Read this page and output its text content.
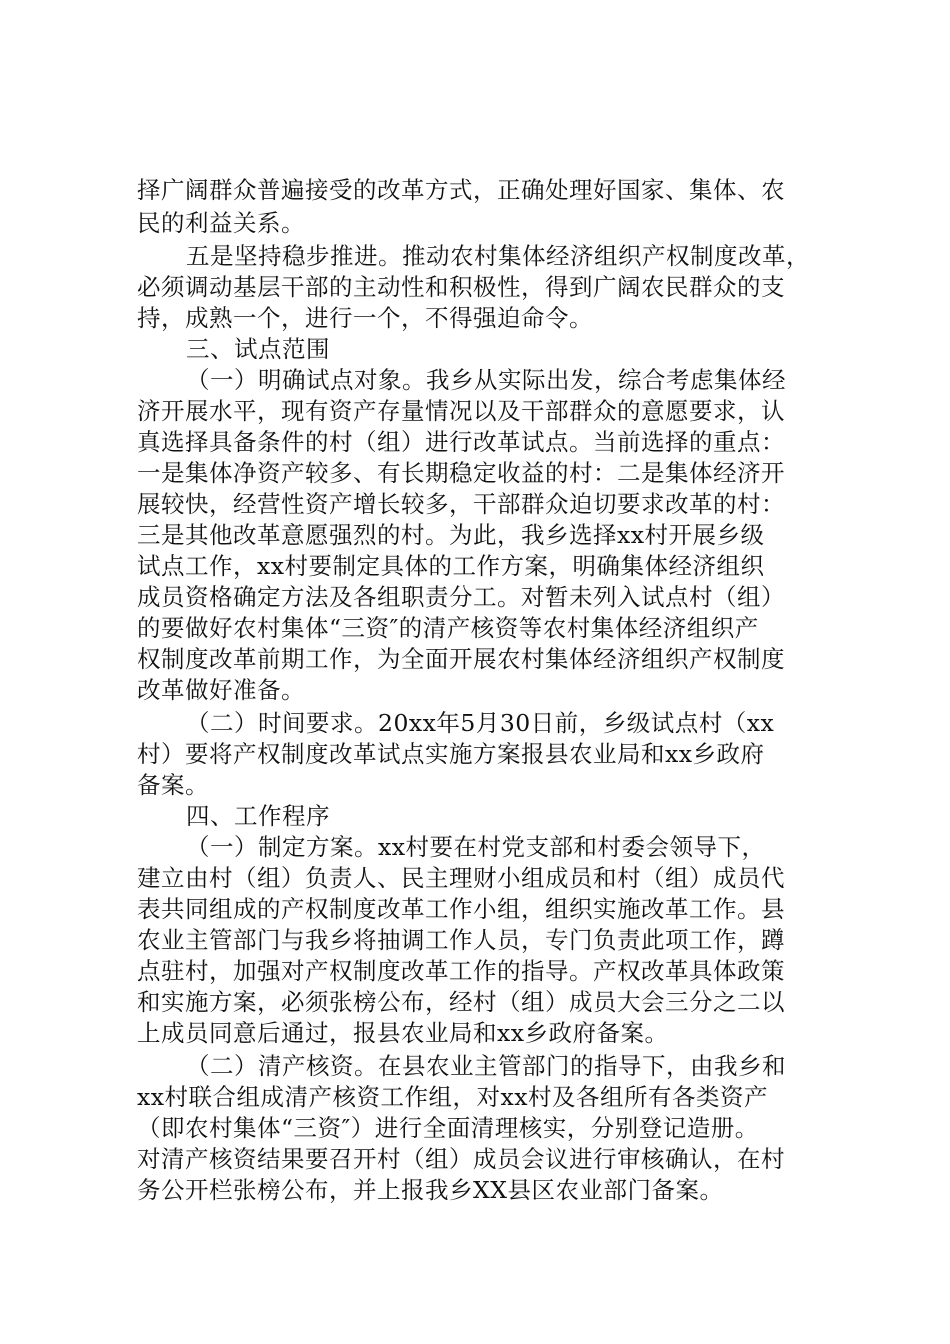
择广阔群众普遍接受的改革方式，正确处理好国家、集体、农
民的利益关系。
五是坚持稳步推进。推动农村集体经济组织产权制度改革，
必须调动基层干部的主动性和积极性，得到广阔农民群众的支
持，成熟一个，进行一个，不得强迫命令。
三、试点范围
（一）明确试点对象。我乡从实际出发，综合考虑集体经
济开展水平，现有资产存量情况以及干部群众的意愿要求，认
真选择具备条件的村（组）进行改革试点。当前选择的重点：
一是集体净资产较多、有长期稳定收益的村：二是集体经济开
展较快，经营性资产增长较多，干部群众迫切要求改革的村：
三是其他改革意愿强烈的村。为此，我乡选择xx村开展乡级
试点工作，xx村要制定具体的工作方案，明确集体经济组织
成员资格确定方法及各组职责分工。对暂未列入试点村（组）
的要做好农村集体“三资″的清产核资等农村集体经济组织产
权制度改革前期工作，为全面开展农村集体经济组织产权制度
改革做好准备。
（二）时间要求。20xx年5月30日前，乡级试点村（xx
村）要将产权制度改革试点实施方案报县农业局和xx乡政府
备案。
四、工作程序
（一）制定方案。xx村要在村党支部和村委会领导下，
建立由村（组）负责人、民主理财小组成员和村（组）成员代
表共同组成的产权制度改革工作小组，组织实施改革工作。县
农业主管部门与我乡将抽调工作人员，专门负责此项工作，蹲
点驻村，加强对产权制度改革工作的指导。产权改革具体政策
和实施方案，必须张榜公布，经村（组）成员大会三分之二以
上成员同意后通过，报县农业局和xx乡政府备案。
（二）清产核资。在县农业主管部门的指导下，由我乡和
xx村联合组成清产核资工作组，对xx村及各组所有各类资产
（即农村集体“三资″）进行全面清理核实，分别登记造册。
对清产核资结果要召开村（组）成员会议进行审核确认，在村
务公开栏张榜公布，并上报我乡XX县区农业部门备案。
